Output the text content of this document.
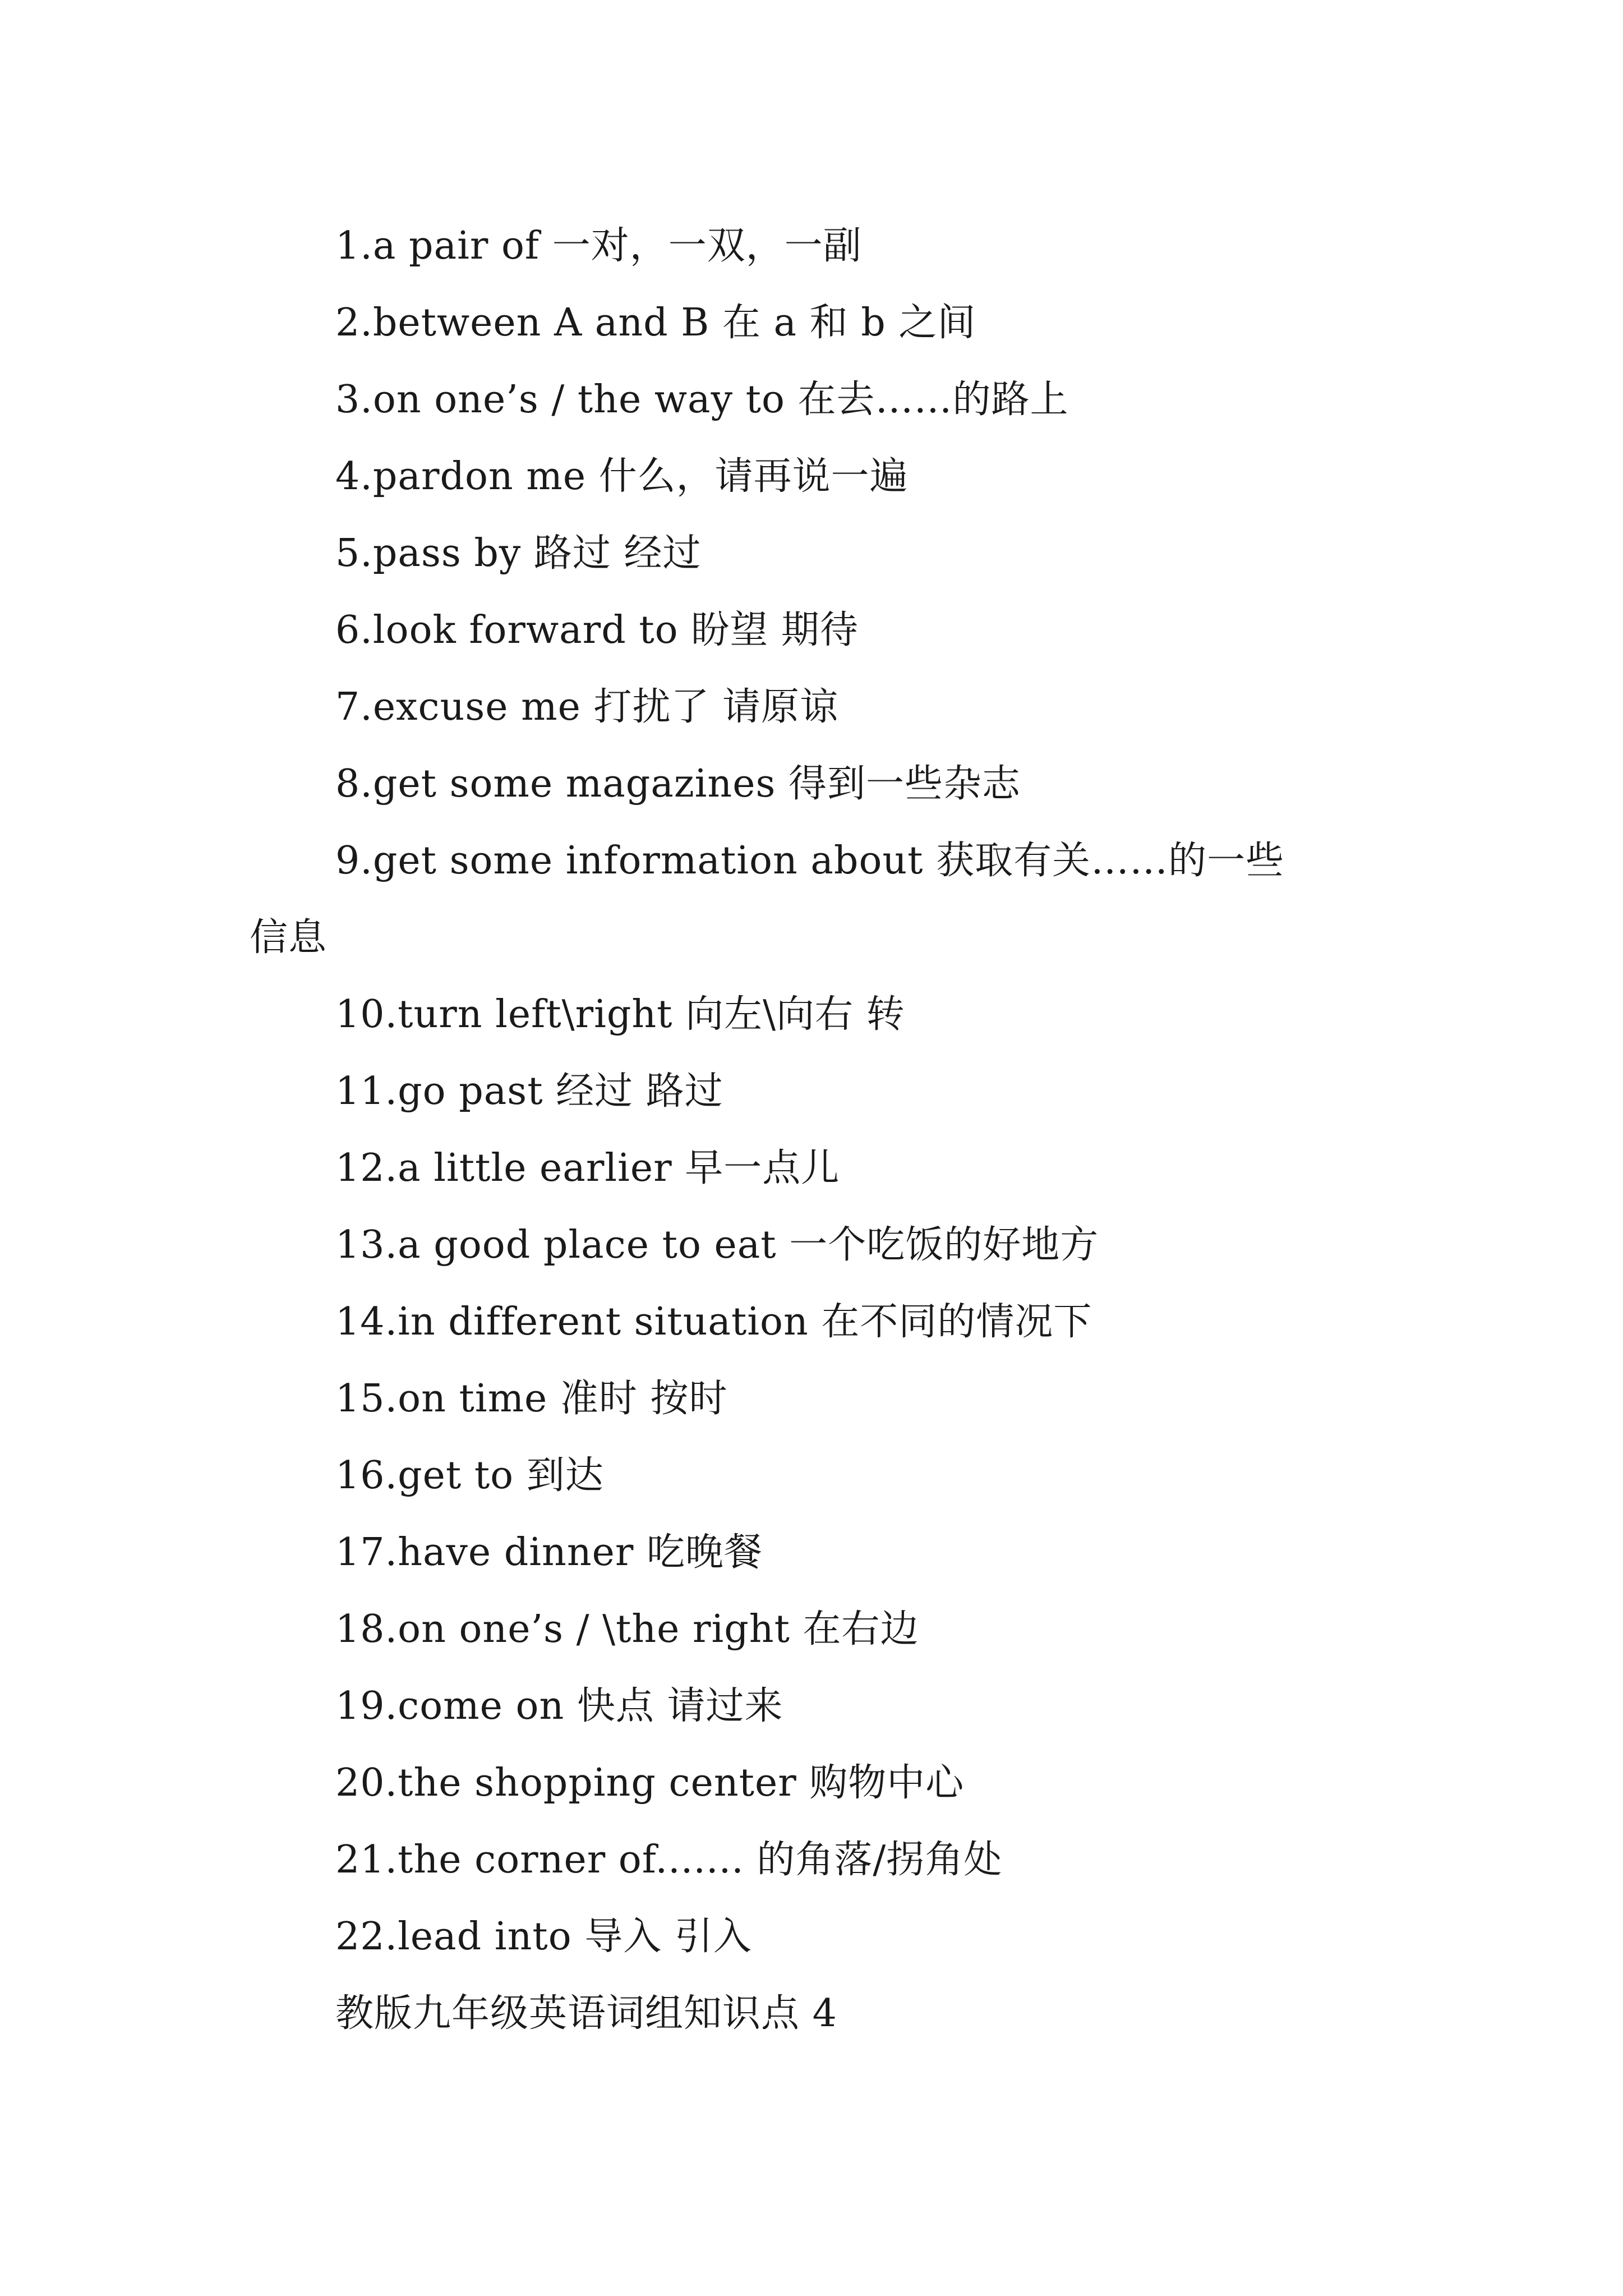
1.a pair of 一对，一双，一副
2.between A and B 在 a 和 b 之间
3.on one’s / the way to 在去……的路上
4.pardon me 什么，请再说一遍
5.pass by 路过 经过
6.look forward to 盼望 期待
7.excuse me 打扰了 请原谅
8.get some magazines 得到一些杂志
9.get some information about 获取有关……的一些
信息
10.turn left\right 向左\向右 转
11.go past 经过 路过
12.a little earlier 早一点儿
13.a good place to eat 一个吃饭的好地方
14.in different situation 在不同的情况下
15.on time 准时 按时
16.get to 到达
17.have dinner 吃晚餐
18.on one’s / \the right 在右边
19.come on 快点 请过来
20.the shopping center 购物中心
21.the corner of....... 的角落/拐角处
22.lead into 导入 引入
教版九年级英语词组知识点 4
